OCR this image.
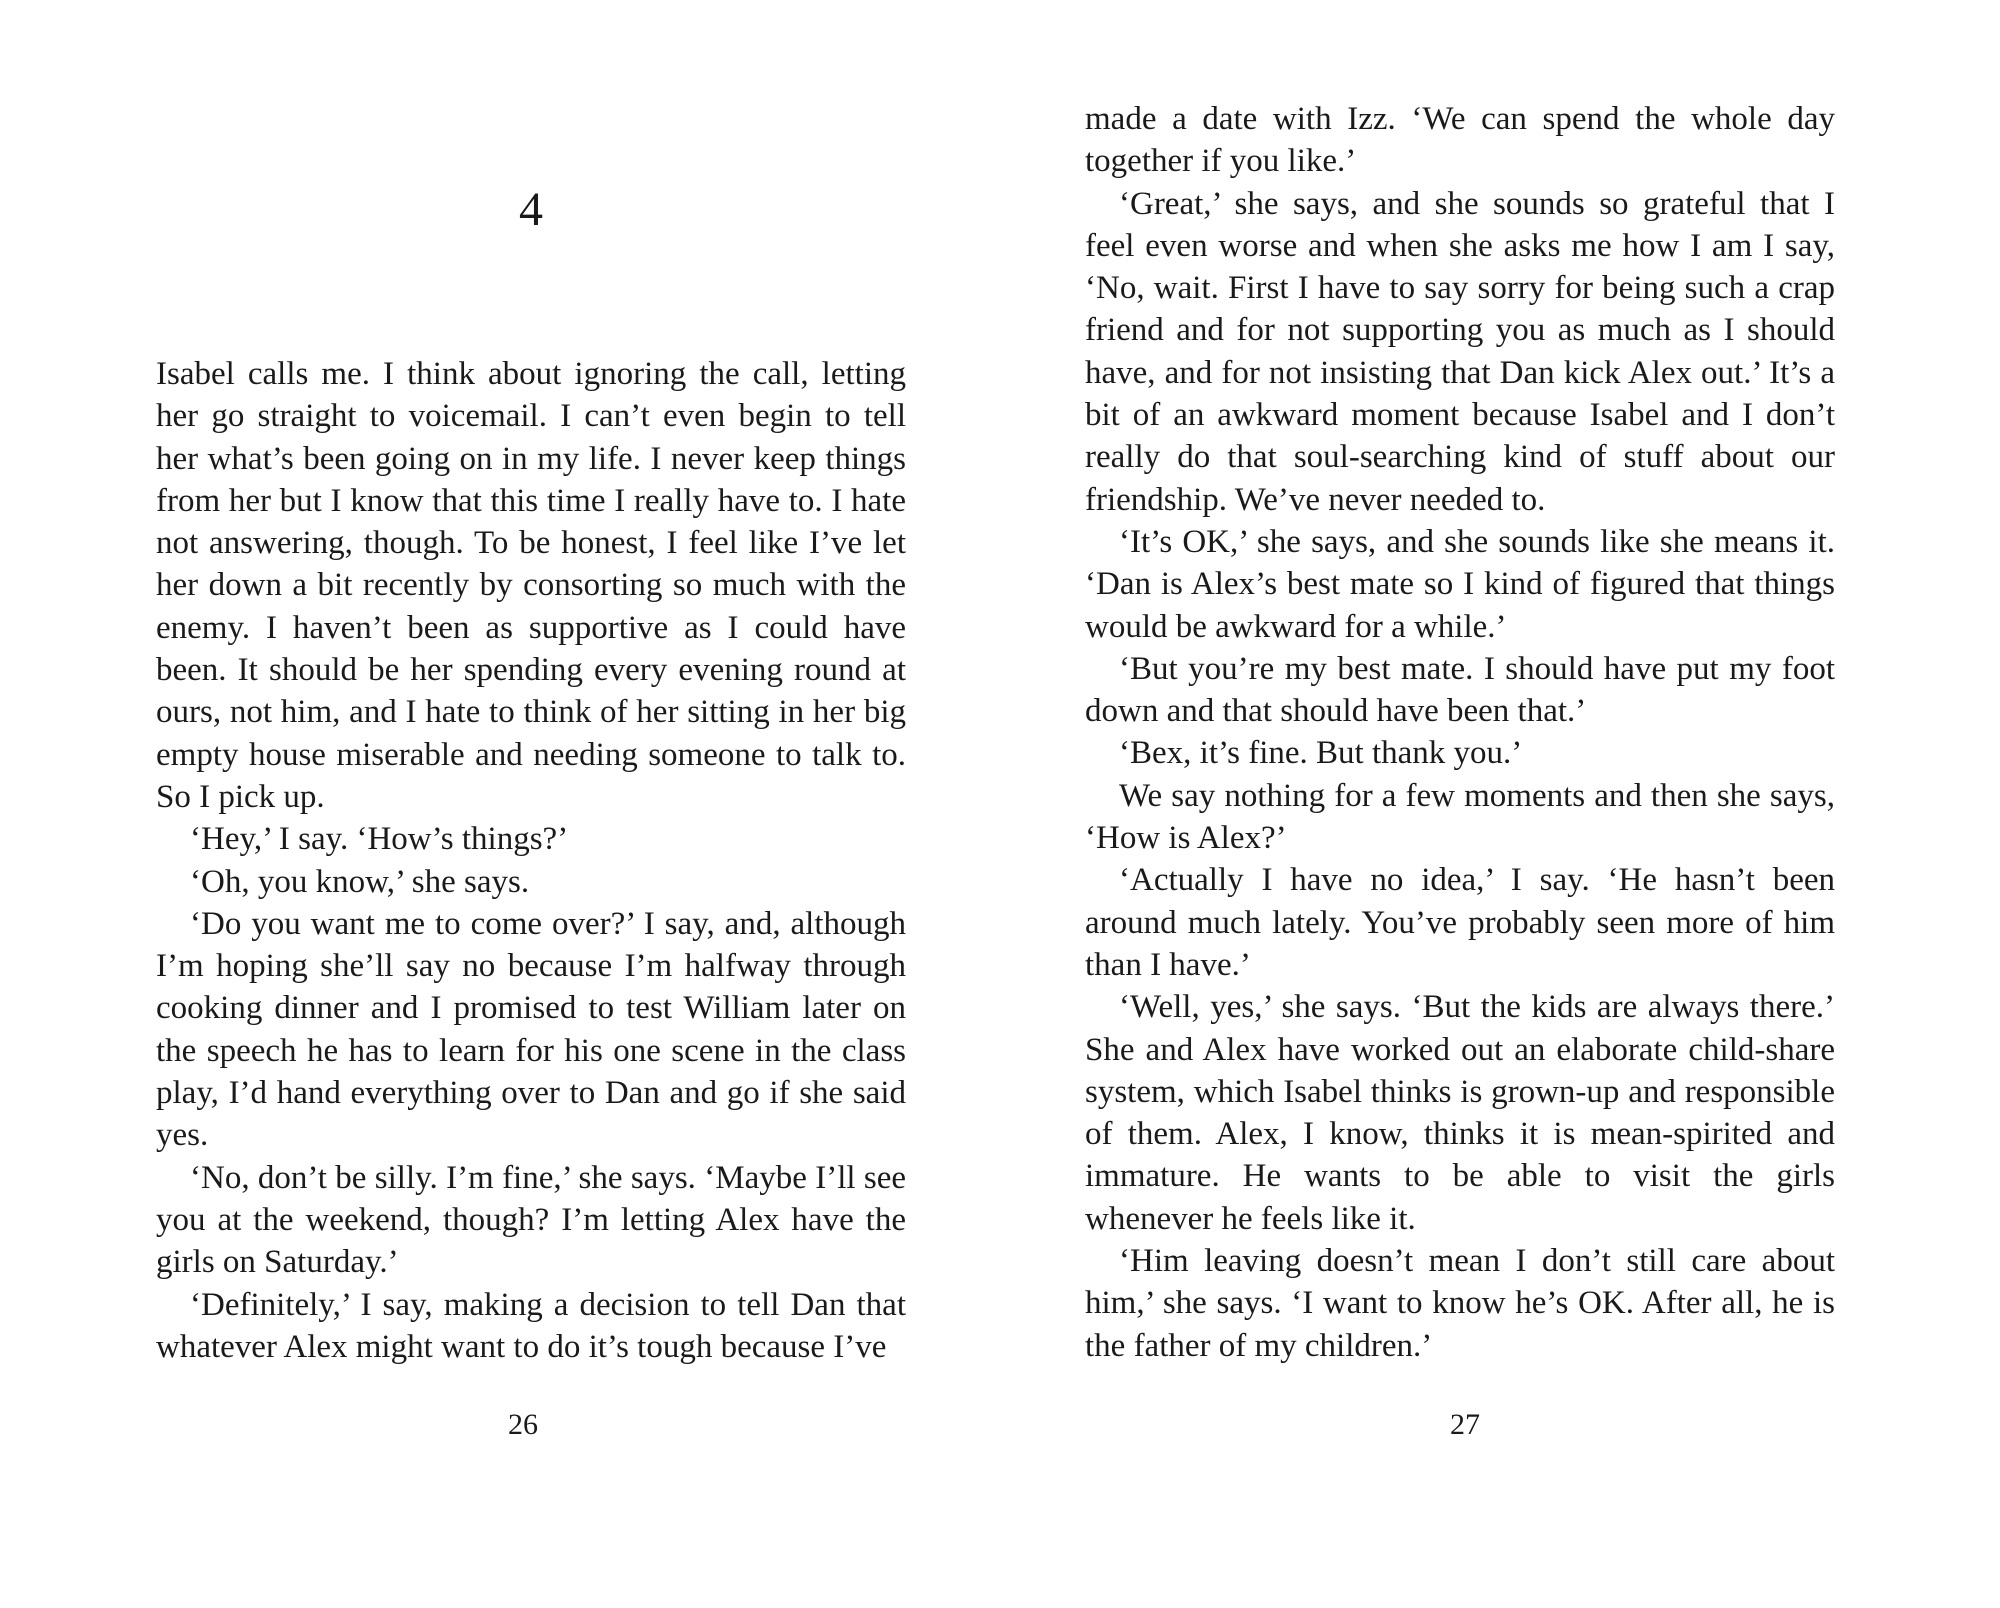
4

Isabel calls me. I think about ignoring the call, letting her go straight to voicemail. I can’t even begin to tell her what’s been going on in my life. I never keep things from her but I know that this time I really have to. I hate not answering, though. To be honest, I feel like I’ve let her down a bit recently by consorting so much with the enemy. I haven’t been as supportive as I could have been. It should be her spending every evening round at ours, not him, and I hate to think of her sitting in her big empty house miserable and needing someone to talk to. So I pick up.

‘Hey,’ I say. ‘How’s things?’

‘Oh, you know,’ she says.

‘Do you want me to come over?’ I say, and, although I’m hoping she’ll say no because I’m halfway through cooking dinner and I promised to test William later on the speech he has to learn for his one scene in the class play, I’d hand everything over to Dan and go if she said yes.

‘No, don’t be silly. I’m fine,’ she says. ‘Maybe I’ll see you at the weekend, though? I’m letting Alex have the girls on Saturday.’

‘Definitely,’ I say, making a decision to tell Dan that whatever Alex might want to do it’s tough because I’ve

26

made a date with Izz. ‘We can spend the whole day together if you like.’

‘Great,’ she says, and she sounds so grateful that I feel even worse and when she asks me how I am I say, ‘No, wait. First I have to say sorry for being such a crap friend and for not supporting you as much as I should have, and for not insisting that Dan kick Alex out.’ It’s a bit of an awkward moment because Isabel and I don’t really do that soul-searching kind of stuff about our friendship. We’ve never needed to.

‘It’s OK,’ she says, and she sounds like she means it. ‘Dan is Alex’s best mate so I kind of figured that things would be awkward for a while.’

‘But you’re my best mate. I should have put my foot down and that should have been that.’

‘Bex, it’s fine. But thank you.’

We say nothing for a few moments and then she says, ‘How is Alex?’

‘Actually I have no idea,’ I say. ‘He hasn’t been around much lately. You’ve probably seen more of him than I have.’

‘Well, yes,’ she says. ‘But the kids are always there.’ She and Alex have worked out an elaborate child-share system, which Isabel thinks is grown-up and responsible of them. Alex, I know, thinks it is mean-spirited and immature. He wants to be able to visit the girls whenever he feels like it.

‘Him leaving doesn’t mean I don’t still care about him,’ she says. ‘I want to know he’s OK. After all, he is the father of my children.’

27
